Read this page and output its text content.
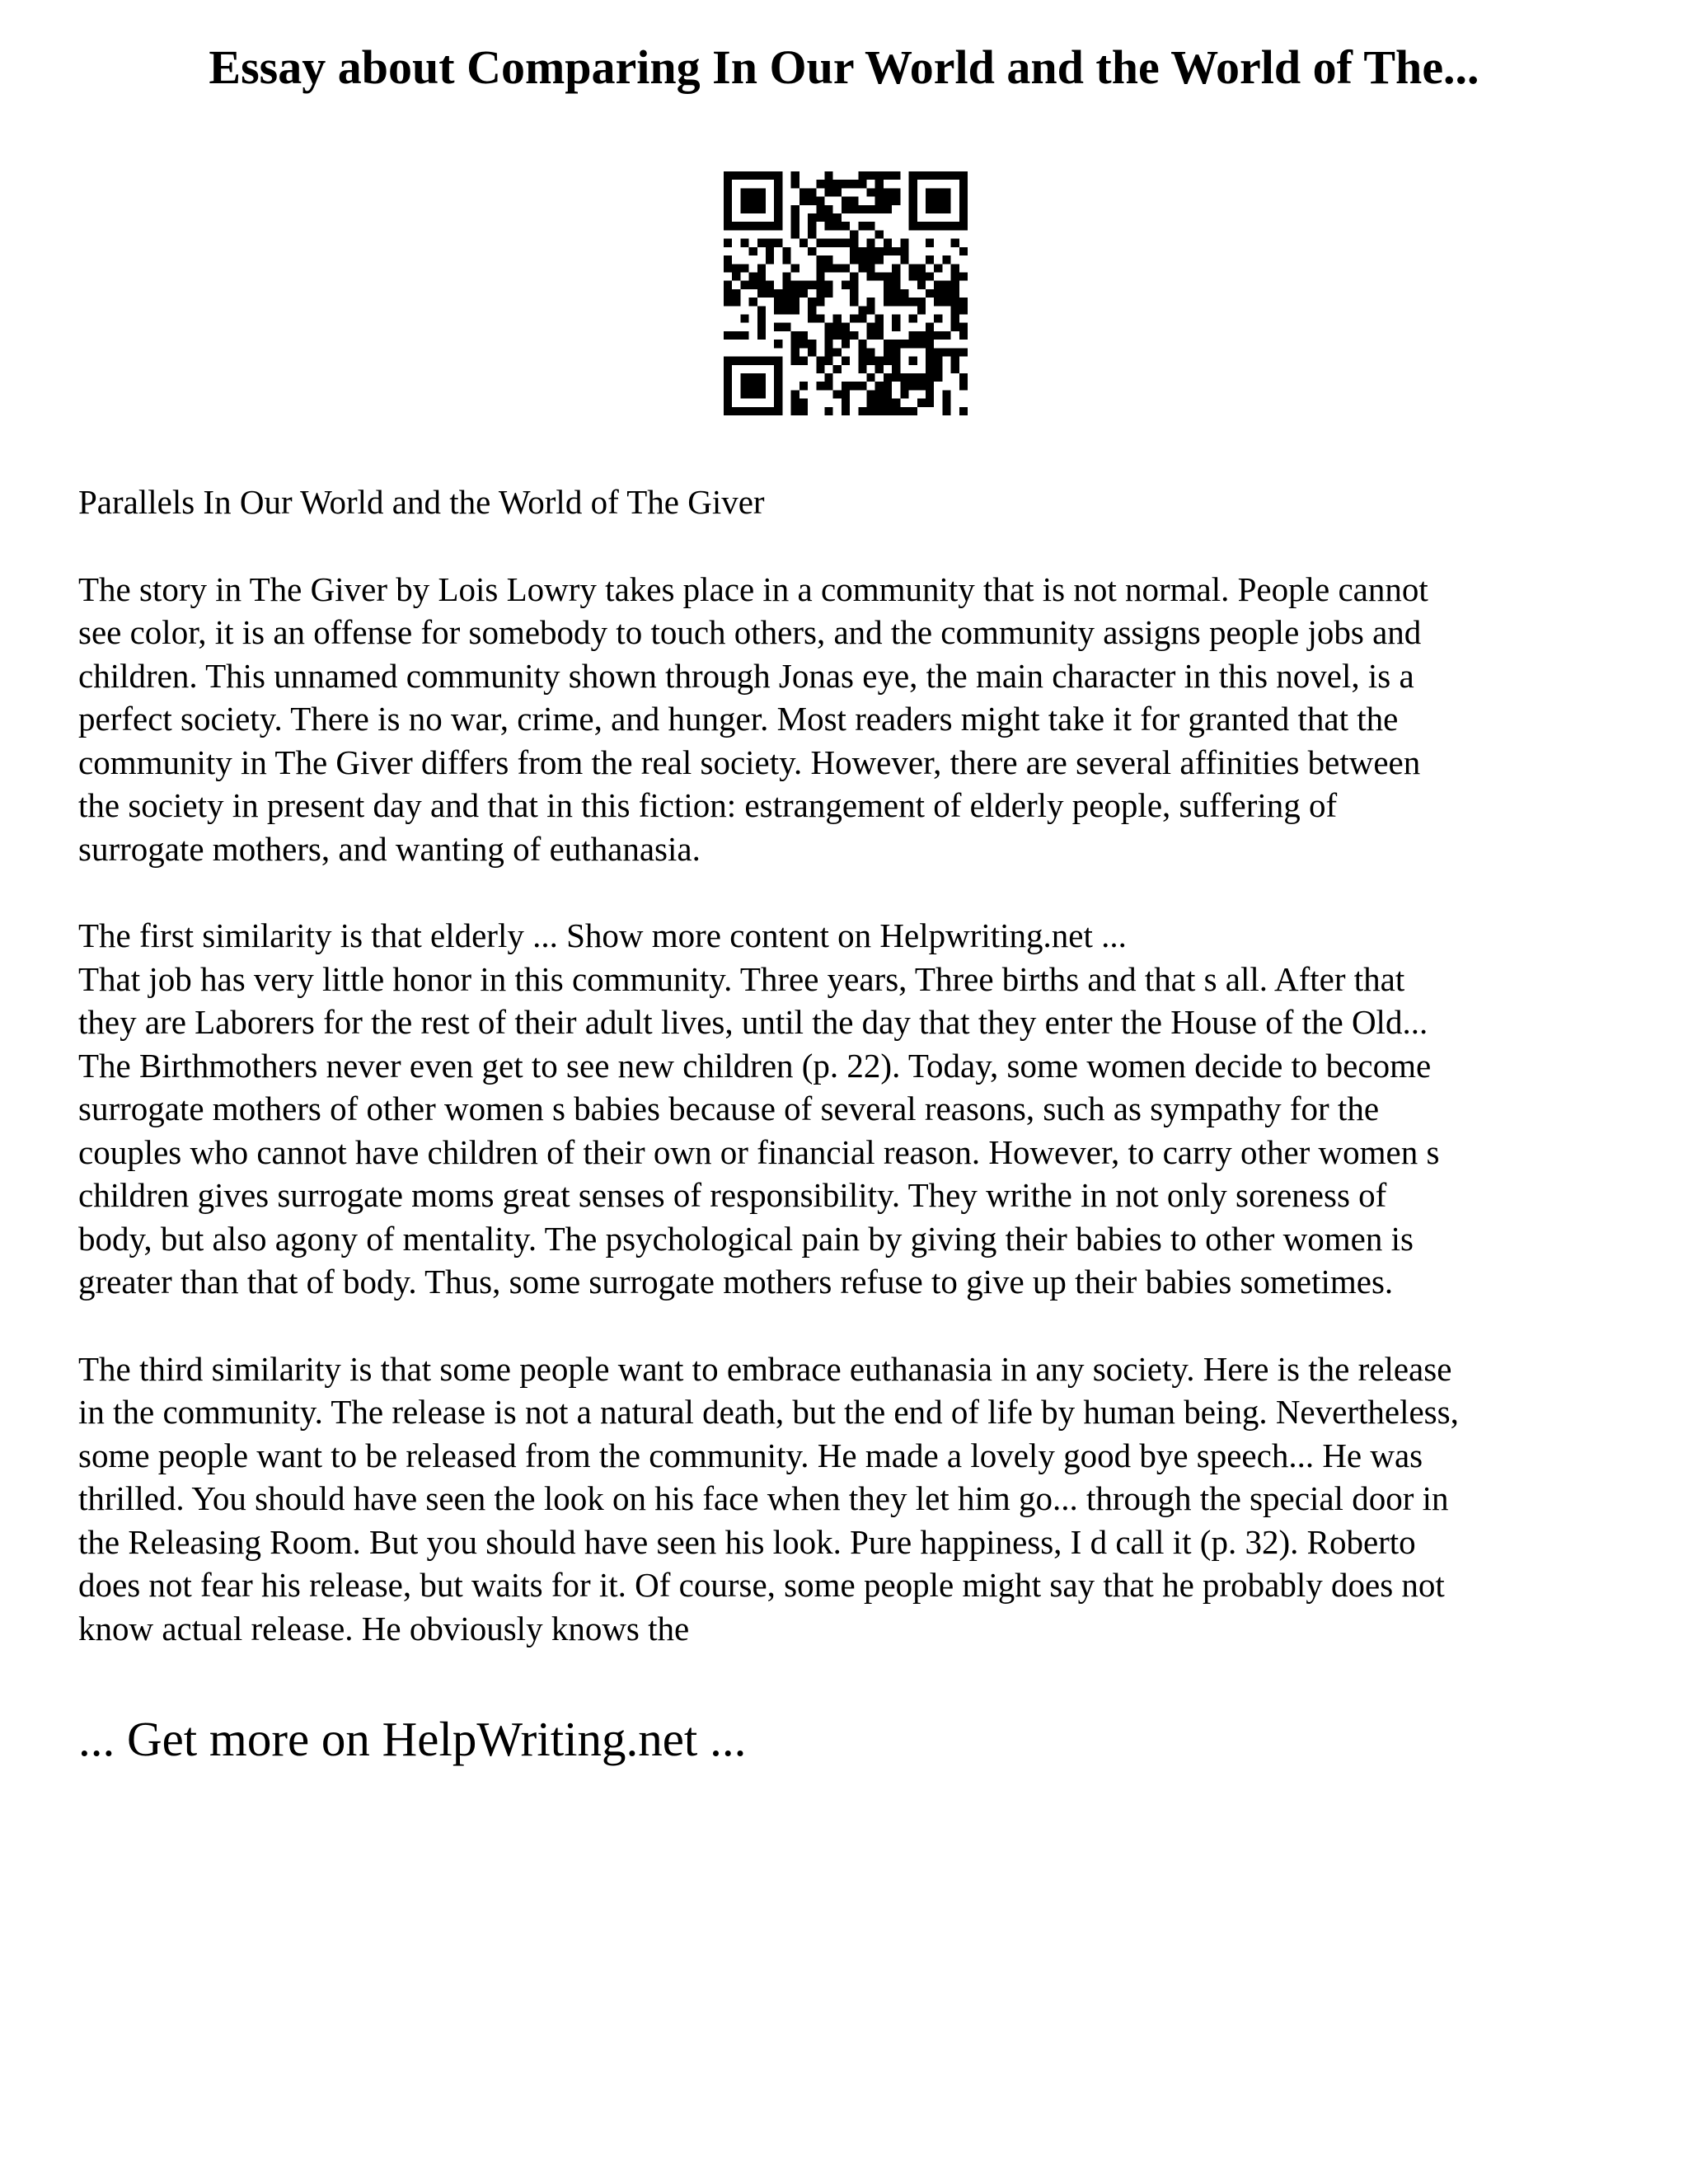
Essay about Comparing In Our World and the World of The...

Parallels In Our World and the World of The Giver

The story in The Giver by Lois Lowry takes place in a community that is not normal. People cannot
see color, it is an offense for somebody to touch others, and the community assigns people jobs and
children. This unnamed community shown through Jonas eye, the main character in this novel, is a
perfect society. There is no war, crime, and hunger. Most readers might take it for granted that the
community in The Giver differs from the real society. However, there are several affinities between
the society in present day and that in this fiction: estrangement of elderly people, suffering of
surrogate mothers, and wanting of euthanasia.

The first similarity is that elderly ... Show more content on Helpwriting.net ...
That job has very little honor in this community. Three years, Three births and that s all. After that
they are Laborers for the rest of their adult lives, until the day that they enter the House of the Old...
The Birthmothers never even get to see new children (p. 22). Today, some women decide to become
surrogate mothers of other women s babies because of several reasons, such as sympathy for the
couples who cannot have children of their own or financial reason. However, to carry other women s
children gives surrogate moms great senses of responsibility. They writhe in not only soreness of
body, but also agony of mentality. The psychological pain by giving their babies to other women is
greater than that of body. Thus, some surrogate mothers refuse to give up their babies sometimes.

The third similarity is that some people want to embrace euthanasia in any society. Here is the release
in the community. The release is not a natural death, but the end of life by human being. Nevertheless,
some people want to be released from the community. He made a lovely good bye speech... He was
thrilled. You should have seen the look on his face when they let him go... through the special door in
the Releasing Room. But you should have seen his look. Pure happiness, I d call it (p. 32). Roberto
does not fear his release, but waits for it. Of course, some people might say that he probably does not
know actual release. He obviously knows the

... Get more on HelpWriting.net ...
